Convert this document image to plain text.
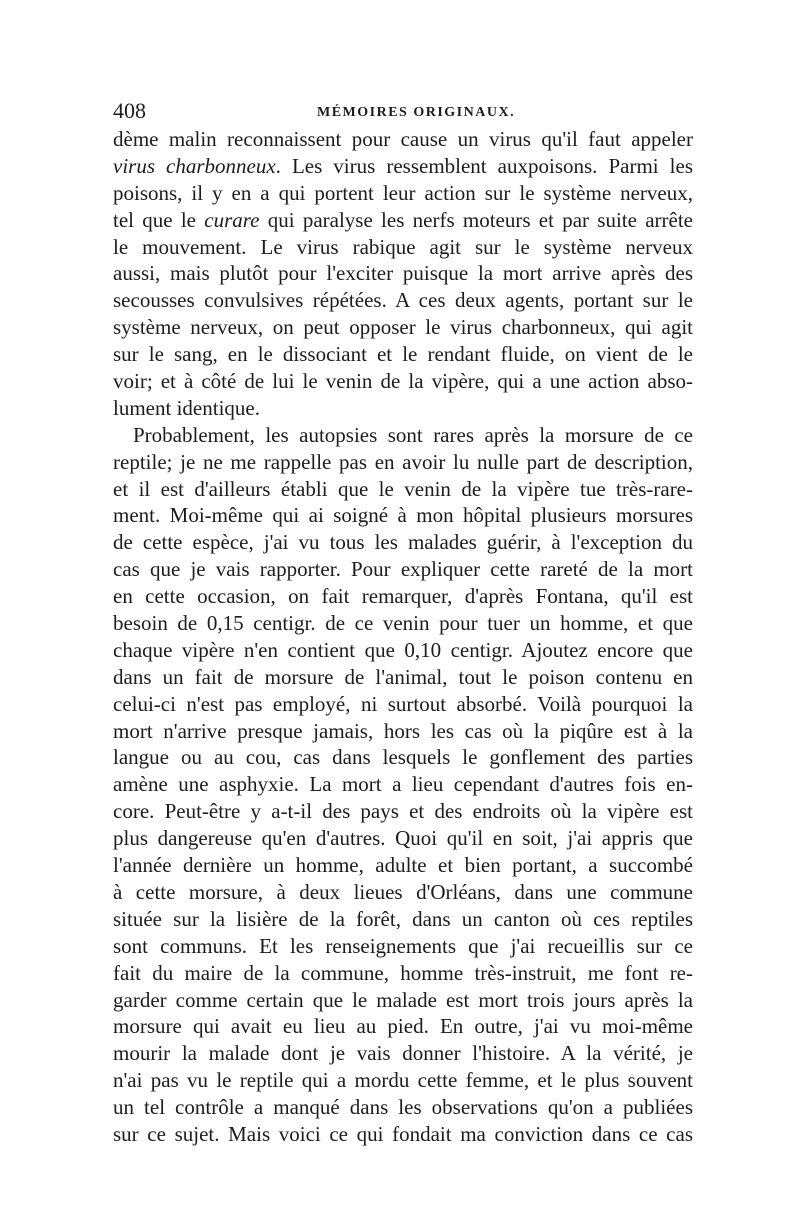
408	MÉMOIRES ORIGINAUX.
dème malin reconnaissent pour cause un virus qu'il faut appeler
virus charbonneux. Les virus ressemblent auxpoisons. Parmi les
poisons, il y en a qui portent leur action sur le système nerveux,
tel que le curare qui paralyse les nerfs moteurs et par suite arrête
le mouvement. Le virus rabique agit sur le système nerveux
aussi, mais plutôt pour l'exciter puisque la mort arrive après des
secousses convulsives répétées. A ces deux agents, portant sur le
système nerveux, on peut opposer le virus charbonneux, qui agit
sur le sang, en le dissociant et le rendant fluide, on vient de le
voir; et à côté de lui le venin de la vipère, qui a une action abso-
lument identique.
Probablement, les autopsies sont rares après la morsure de ce
reptile; je ne me rappelle pas en avoir lu nulle part de description,
et il est d'ailleurs établi que le venin de la vipère tue très-rare-
ment. Moi-même qui ai soigné à mon hôpital plusieurs morsures
de cette espèce, j'ai vu tous les malades guérir, à l'exception du
cas que je vais rapporter. Pour expliquer cette rareté de la mort
en cette occasion, on fait remarquer, d'après Fontana, qu'il est
besoin de 0,15 centigr. de ce venin pour tuer un homme, et que
chaque vipère n'en contient que 0,10 centigr. Ajoutez encore que
dans un fait de morsure de l'animal, tout le poison contenu en
celui-ci n'est pas employé, ni surtout absorbé. Voilà pourquoi la
mort n'arrive presque jamais, hors les cas où la piqûre est à la
langue ou au cou, cas dans lesquels le gonflement des parties
amène une asphyxie. La mort a lieu cependant d'autres fois en-
core. Peut-être y a-t-il des pays et des endroits où la vipère est
plus dangereuse qu'en d'autres. Quoi qu'il en soit, j'ai appris que
l'année dernière un homme, adulte et bien portant, a succombé
à cette morsure, à deux lieues d'Orléans, dans une commune
située sur la lisière de la forêt, dans un canton où ces reptiles
sont communs. Et les renseignements que j'ai recueillis sur ce
fait du maire de la commune, homme très-instruit, me font re-
garder comme certain que le malade est mort trois jours après la
morsure qui avait eu lieu au pied. En outre, j'ai vu moi-même
mourir la malade dont je vais donner l'histoire. A la vérité, je
n'ai pas vu le reptile qui a mordu cette femme, et le plus souvent
un tel contrôle a manqué dans les observations qu'on a publiées
sur ce sujet. Mais voici ce qui fondait ma conviction dans ce cas
